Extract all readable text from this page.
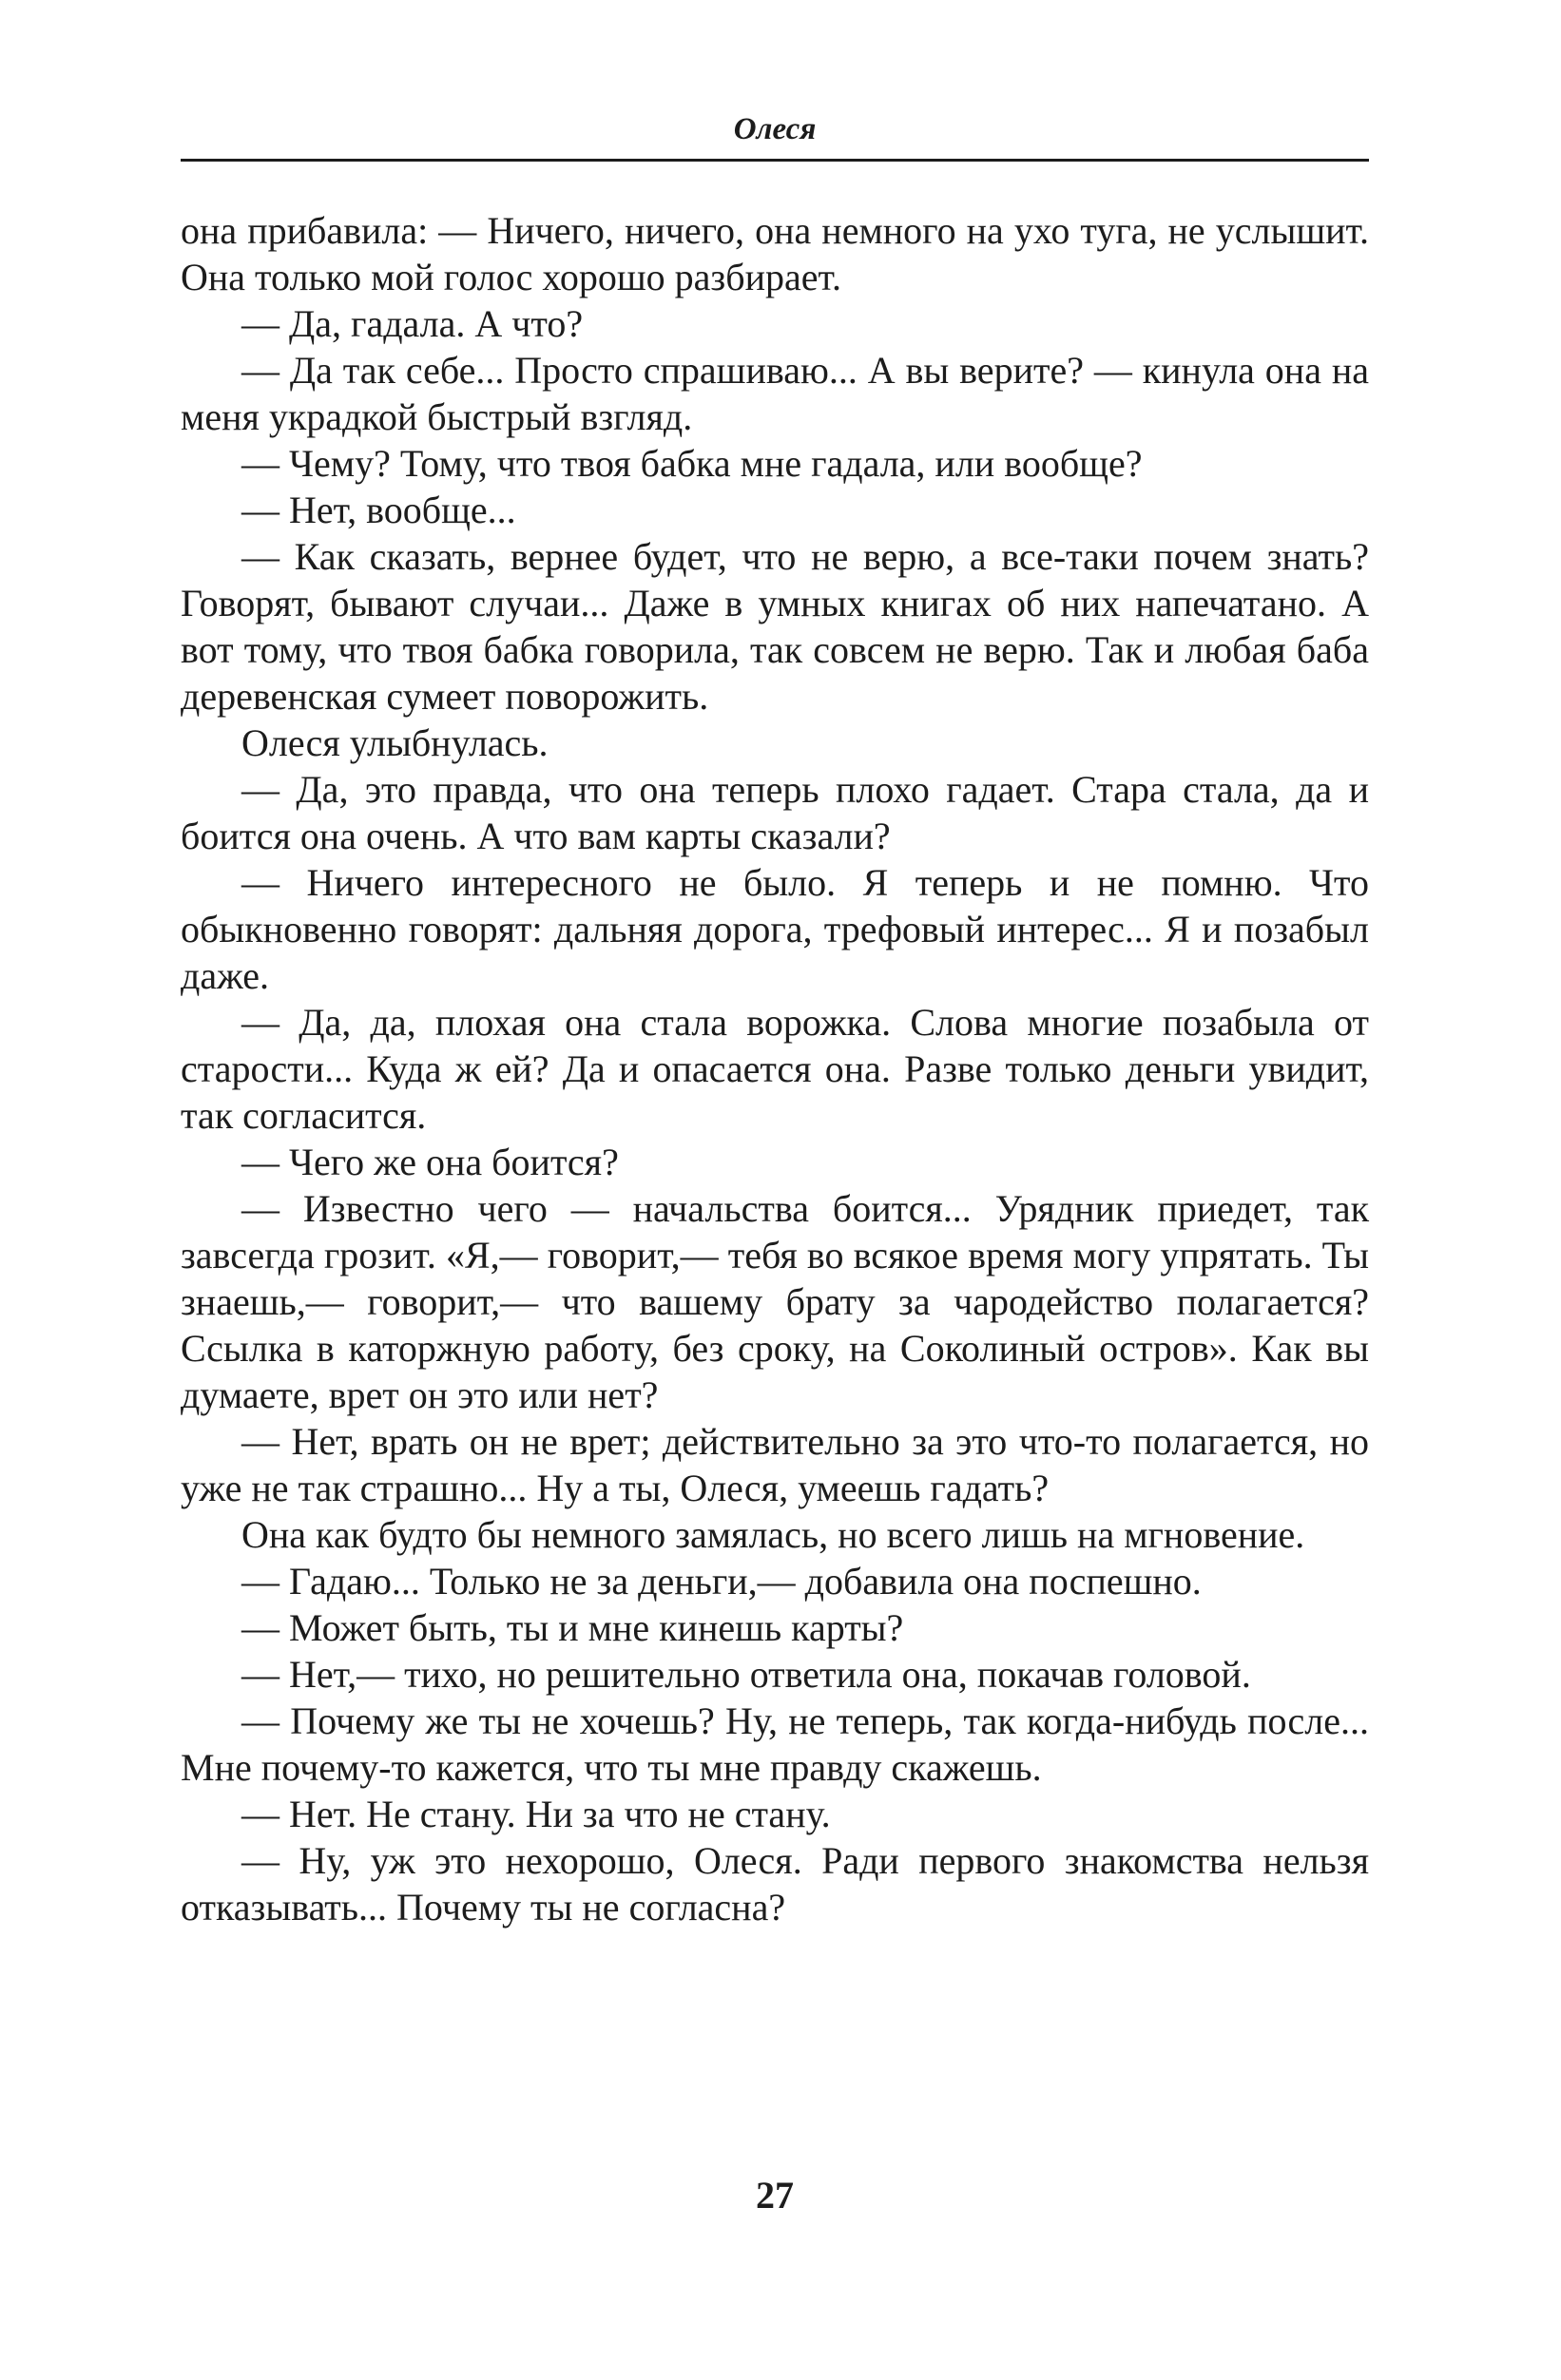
Олеся

она прибавила: — Ничего, ничего, она немного на ухо туга, не услышит. Она только мой голос хорошо разбирает.

— Да, гадала. А что?

— Да так себе... Просто спрашиваю... А вы верите? — кинула она на меня украдкой быстрый взгляд.

— Чему? Тому, что твоя бабка мне гадала, или вообще?

— Нет, вообще...

— Как сказать, вернее будет, что не верю, а все-таки почем знать? Говорят, бывают случаи... Даже в умных книгах об них напечатано. А вот тому, что твоя бабка говорила, так совсем не верю. Так и любая баба деревенская сумеет поворожить.

Олеся улыбнулась.

— Да, это правда, что она теперь плохо гадает. Стара стала, да и боится она очень. А что вам карты сказали?

— Ничего интересного не было. Я теперь и не помню. Что обыкновенно говорят: дальняя дорога, трефовый интерес... Я и позабыл даже.

— Да, да, плохая она стала ворожка. Слова многие позабыла от старости... Куда ж ей? Да и опасается она. Разве только деньги увидит, так согласится.

— Чего же она боится?

— Известно чего — начальства боится... Урядник приедет, так завсегда грозит. «Я,— говорит,— тебя во всякое время могу упрятать. Ты знаешь,— говорит,— что вашему брату за чародейство полагается? Ссылка в каторжную работу, без сроку, на Соколиный остров». Как вы думаете, врет он это или нет?

— Нет, врать он не врет; действительно за это что-то полагается, но уже не так страшно... Ну а ты, Олеся, умеешь гадать?

Она как будто бы немного замялась, но всего лишь на мгновение.

— Гадаю... Только не за деньги,— добавила она поспешно.

— Может быть, ты и мне кинешь карты?

— Нет,— тихо, но решительно ответила она, покачав головой.

— Почему же ты не хочешь? Ну, не теперь, так когда-нибудь после... Мне почему-то кажется, что ты мне правду скажешь.

— Нет. Не стану. Ни за что не стану.

— Ну, уж это нехорошо, Олеся. Ради первого знакомства нельзя отказывать... Почему ты не согласна?

27
